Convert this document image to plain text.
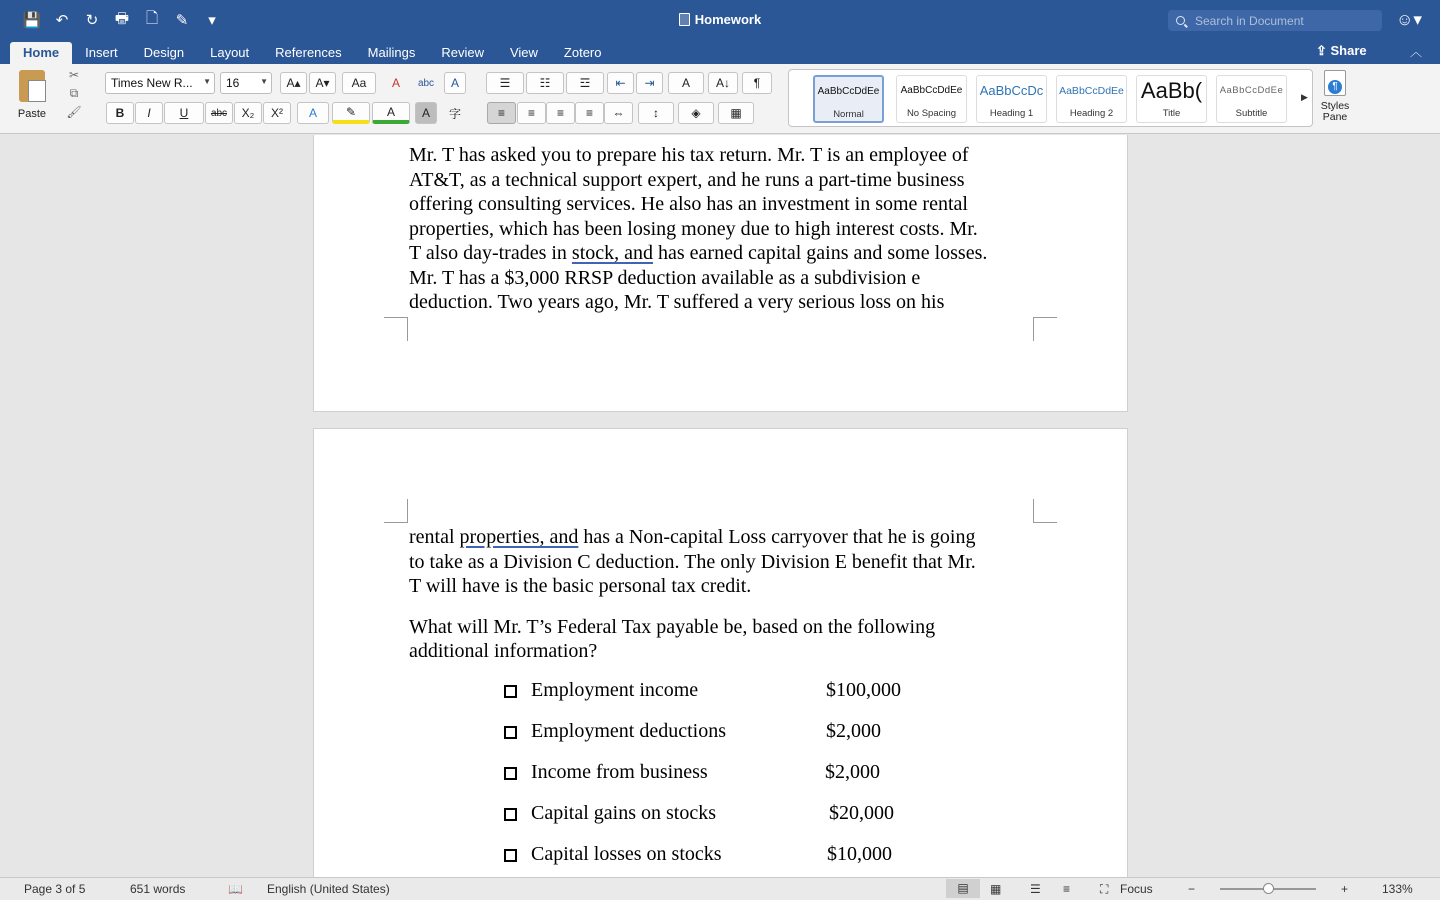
💾 ↶	↻	🖶	🗋	✎	▾	Homework
Search in Document	☺▾
Home	Insert	Design	Layout	References	Mailings	Review	View	Zotero	⇪ Share	︿
Paste
✂
⧉
🖌
Times New R... ▼ 16	▼	A▴	A▾	Aa	A	abc	A
B	I	U	abc	X₂	X²	A	✎	A	A	字
☰	☷	☲	⇤	⇥	A	A↓	¶
≡	≡	≡	≡	⇔	↕	◈	▦
AaBbCcDdEe
Normal
AaBbCcDdEe
No Spacing
AaBbCcDc
Heading 1
AaBbCcDdEe
Heading 2
AaBb(
Title
AaBbCcDdEe
Subtitle
▶
¶
Styles Pane

Mr. T has asked you to prepare his tax return. Mr. T is an employee of

AT&T, as a technical support expert, and he runs a part-time business

offering consulting services. He also has an investment in some rental

properties, which has been losing money due to high interest costs. Mr.

T also day-trades in stock, and has earned capital gains and some losses.

Mr. T has a $3,000 RRSP deduction available as a subdivision e

deduction. Two years ago, Mr. T suffered a very serious loss on his

rental properties, and has a Non-capital Loss carryover that he is going

to take as a Division C deduction. The only Division E benefit that Mr.

T will have is the basic personal tax credit.

What will Mr. T’s Federal Tax payable be, based on the following

additional information?

Employment income	$100,000
Employment deductions	$2,000
Income from business	$2,000
Capital gains on stocks	$20,000
Capital losses on stocks	$10,000
Page 3 of 5	651 words	📖 English (United States)	▤	▦ ☰ ≡ ⛶ Focus	−	+	133%
